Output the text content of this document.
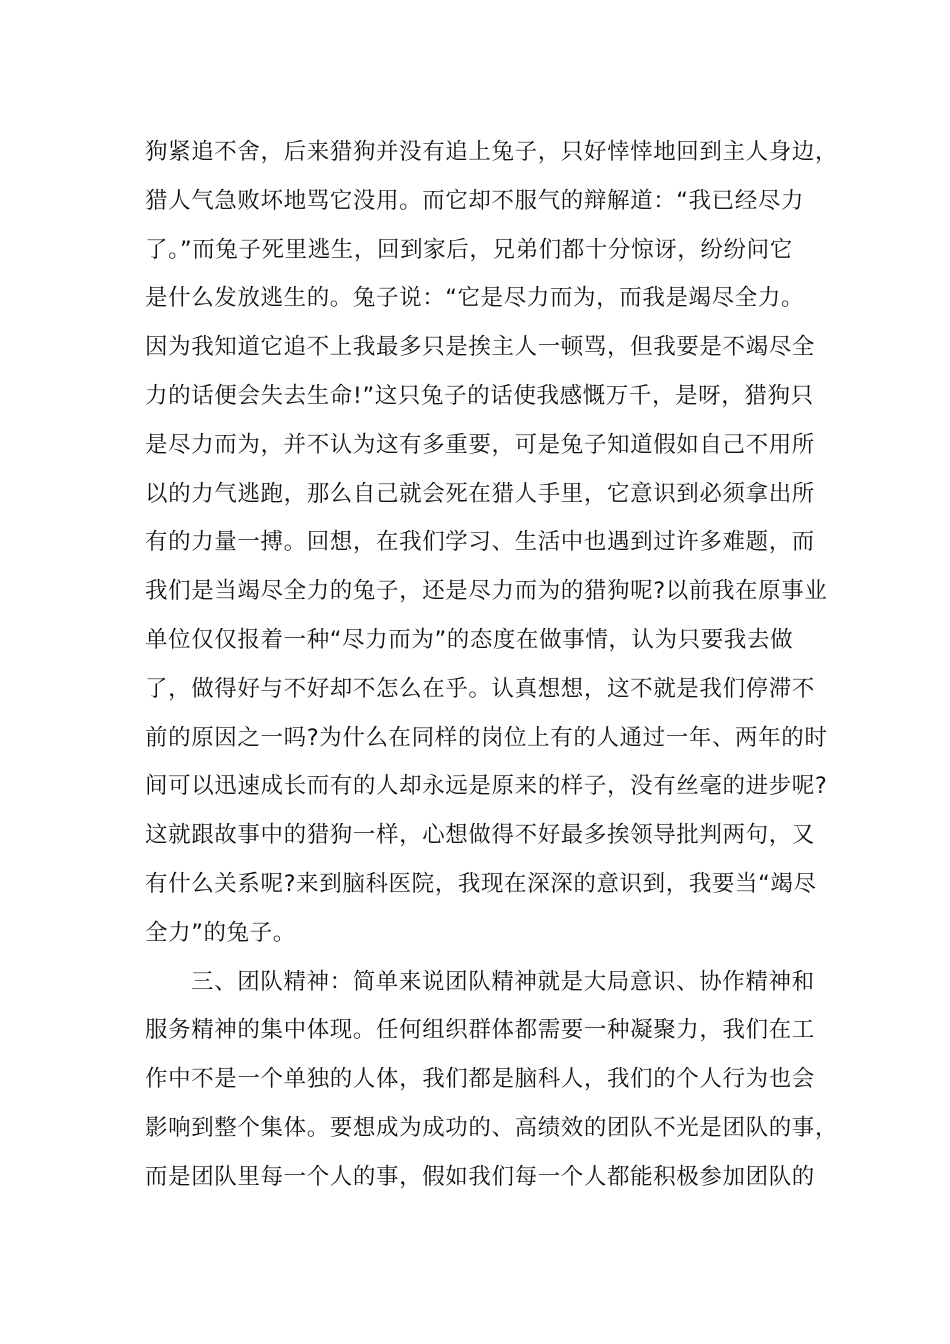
狗紧追不舍，后来猎狗并没有追上兔子，只好悻悻地回到主人身边，
猎人气急败坏地骂它没用。而它却不服气的辩解道：“我已经尽力
了。”而兔子死里逃生，回到家后，兄弟们都十分惊讶，纷纷问它
是什么发放逃生的。兔子说：“它是尽力而为，而我是竭尽全力。
因为我知道它追不上我最多只是挨主人一顿骂，但我要是不竭尽全
力的话便会失去生命!”这只兔子的话使我感慨万千，是呀，猎狗只
是尽力而为，并不认为这有多重要，可是兔子知道假如自己不用所
以的力气逃跑，那么自己就会死在猎人手里，它意识到必须拿出所
有的力量一搏。回想，在我们学习、生活中也遇到过许多难题，而
我们是当竭尽全力的兔子，还是尽力而为的猎狗呢?以前我在原事业
单位仅仅报着一种“尽力而为”的态度在做事情，认为只要我去做
了，做得好与不好却不怎么在乎。认真想想，这不就是我们停滞不
前的原因之一吗?为什么在同样的岗位上有的人通过一年、两年的时
间可以迅速成长而有的人却永远是原来的样子，没有丝毫的进步呢?
这就跟故事中的猎狗一样，心想做得不好最多挨领导批判两句，又
有什么关系呢?来到脑科医院，我现在深深的意识到，我要当“竭尽
全力”的兔子。
三、团队精神：简单来说团队精神就是大局意识、协作精神和
服务精神的集中体现。任何组织群体都需要一种凝聚力，我们在工
作中不是一个单独的人体，我们都是脑科人，我们的个人行为也会
影响到整个集体。要想成为成功的、高绩效的团队不光是团队的事，
而是团队里每一个人的事，假如我们每一个人都能积极参加团队的
